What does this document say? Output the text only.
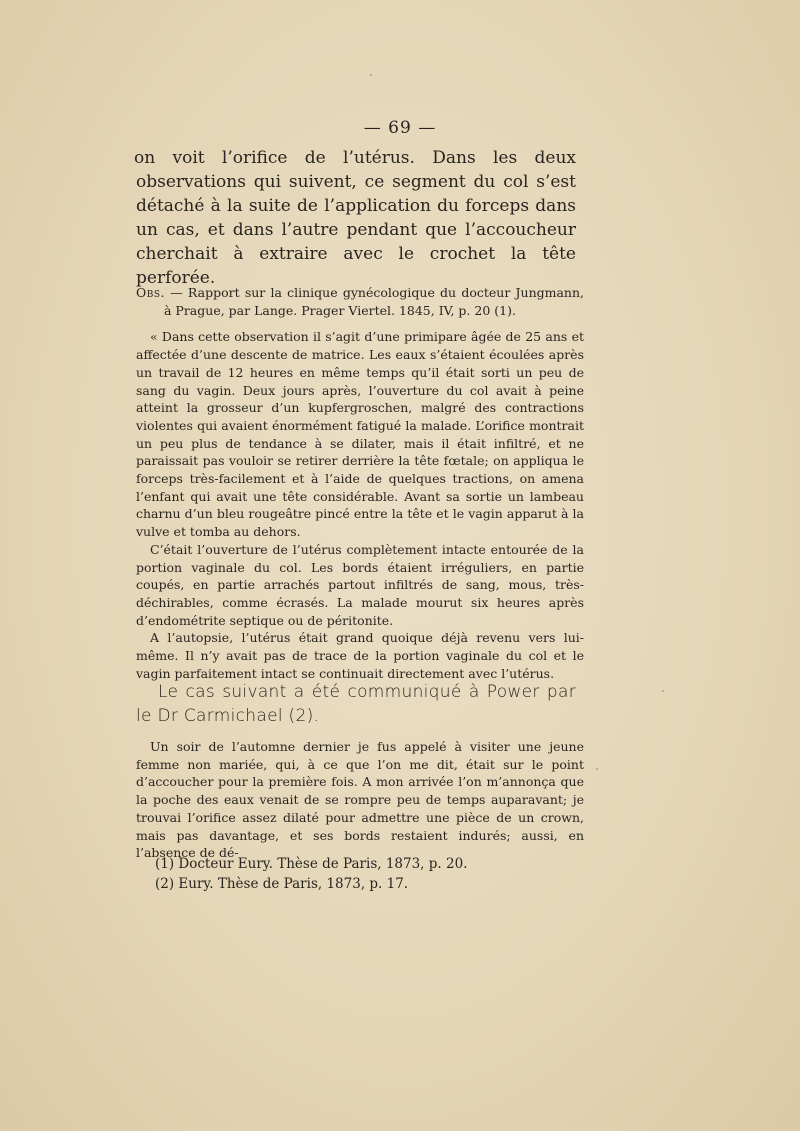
— 69 —
on voit l’orifice de l’utérus. Dans les deux observations qui suivent, ce segment du col s’est détaché à la suite de l’application du forceps dans un cas, et dans l’autre pendant que l’accoucheur cherchait à extraire avec le crochet la tête perforée.

Obs. — Rapport sur la clinique gynécologique du docteur Jungmann, à Prague, par Lange. Prager Viertel. 1845, IV, p. 20 (1).

« Dans cette observation il s’agit d’une primipare âgée de 25 ans et affectée d’une descente de matrice. Les eaux s’étaient écoulées après un travail de 12 heures en même temps qu’il était sorti un peu de sang du vagin. Deux jours après, l’ouverture du col avait à peine atteint la grosseur d’un kupfergroschen, malgré des contractions violentes qui avaient énormément fatigué la malade. L’orifice montrait un peu plus de tendance à se dilater, mais il était infiltré, et ne paraissait pas vouloir se retirer derrière la tête fœtale; on appliqua le forceps très-facilement et à l’aide de quelques tractions, on amena l’enfant qui avait une tête considérable. Avant sa sortie un lambeau charnu d’un bleu rougeâtre pincé entre la tête et le vagin apparut à la vulve et tomba au dehors.

C’était l’ouverture de l’utérus complètement intacte entourée de la portion vaginale du col. Les bords étaient irréguliers, en partie coupés, en partie arrachés partout infiltrés de sang, mous, très-déchirables, comme écrasés. La malade mourut six heures après d’endométrite septique ou de péritonite.

A l’autopsie, l’utérus était grand quoique déjà revenu vers lui-même. Il n’y avait pas de trace de la portion vaginale du col et le vagin parfaitement intact se continuait directement avec l’utérus.

Le cas suivant a été communiqué à Power par le Dr Carmichael (2).

Un soir de l’automne dernier je fus appelé à visiter une jeune femme non mariée, qui, à ce que l’on me dit, était sur le point d’accoucher pour la première fois. A mon arrivée l’on m’annonça que la poche des eaux venait de se rompre peu de temps auparavant; je trouvai l’orifice assez dilaté pour admettre une pièce de un crown, mais pas davantage, et ses bords restaient indurés; aussi, en l’absence de dé-

(1) Docteur Eury. Thèse de Paris, 1873, p. 20.
(2) Eury. Thèse de Paris, 1873, p. 17.
